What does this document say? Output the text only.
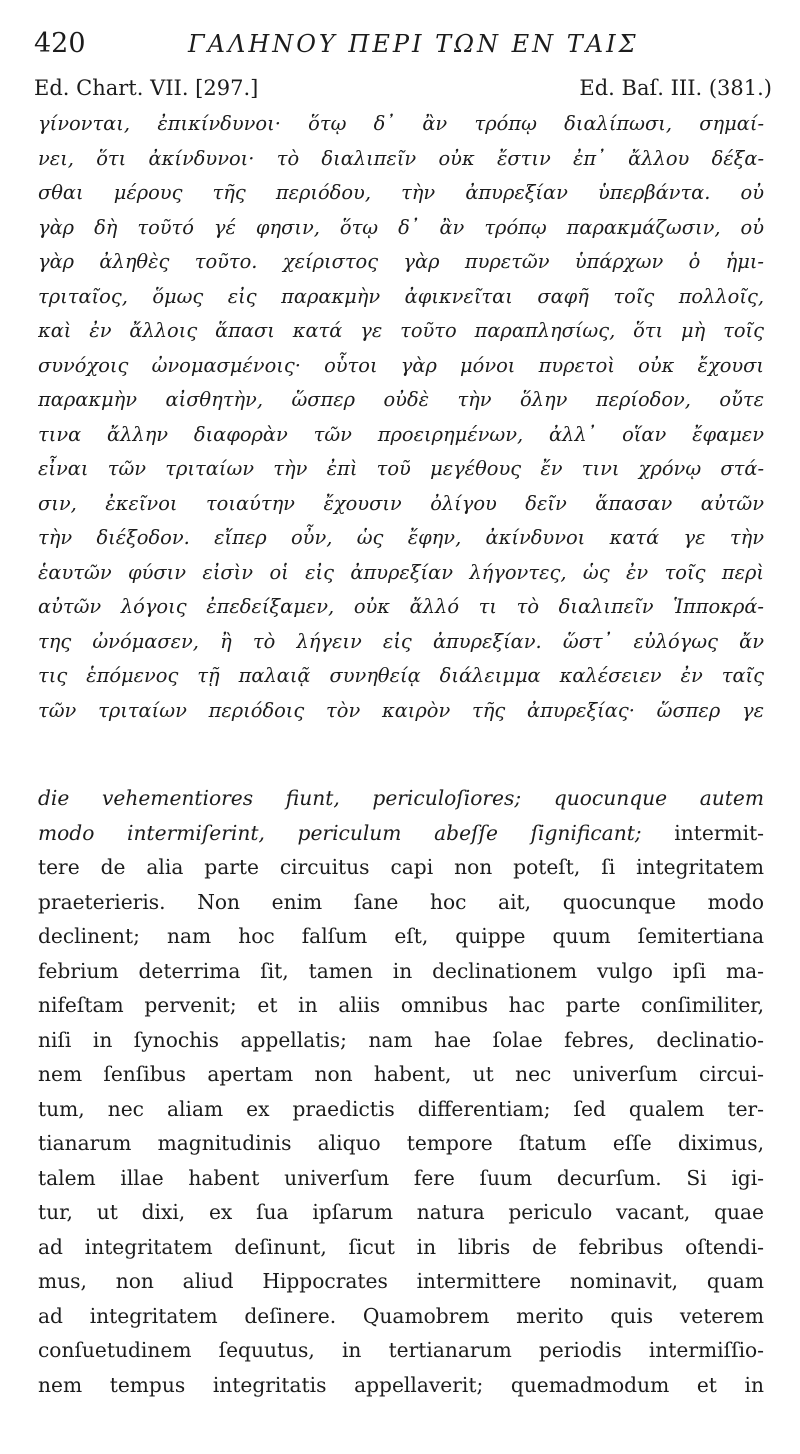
420	ΓΑΛΗΝΟΥ ΠΕΡΙ ΤΩΝ ΕΝ ΤΑΙΣ
Ed. Chart. VII. [297.]	Ed. Baſ. III. (381.)
γίνονται, ἐπικίνδυνοι· ὅτῳ δ᾽ ἂν τρόπῳ διαλίπωσι, σημαί-
νει, ὅτι ἀκίνδυνοι· τὸ διαλιπεῖν οὐκ ἔστιν ἐπ᾽ ἄλλου δέξα-
σθαι μέρους τῆς περιόδου, τὴν ἀπυρεξίαν ὑπερβάντα. οὐ
γὰρ δὴ τοῦτό γέ φησιν, ὅτῳ δ᾽ ἂν τρόπῳ παρακμάζωσιν, οὐ
γὰρ ἀληθὲς τοῦτο. χείριστος γὰρ πυρετῶν ὑπάρχων ὁ ἡμι-
τριταῖος, ὅμως εἰς παρακμὴν ἀφικνεῖται σαφῆ τοῖς πολλοῖς,
καὶ ἐν ἄλλοις ἅπασι κατά γε τοῦτο παραπλησίως, ὅτι μὴ τοῖς
συνόχοις ὠνομασμένοις· οὗτοι γὰρ μόνοι πυρετοὶ οὐκ ἔχουσι
παρακμὴν αἰσθητὴν, ὥσπερ οὐδὲ τὴν ὅλην περίοδον, οὔτε
τινα ἄλλην διαφορὰν τῶν προειρημένων, ἀλλ᾽ οἵαν ἔφαμεν
εἶναι τῶν τριταίων τὴν ἐπὶ τοῦ μεγέθους ἔν τινι χρόνῳ στά-
σιν, ἐκεῖνοι τοιαύτην ἔχουσιν ὀλίγου δεῖν ἅπασαν αὐτῶν
τὴν διέξοδον. εἴπερ οὖν, ὡς ἔφην, ἀκίνδυνοι κατά γε τὴν
ἑαυτῶν φύσιν εἰσὶν οἱ εἰς ἀπυρεξίαν λήγοντες, ὡς ἐν τοῖς περὶ
αὐτῶν λόγοις ἐπεδείξαμεν, οὐκ ἄλλό τι τὸ διαλιπεῖν Ἱπποκρά-
της ὠνόμασεν, ἢ τὸ λήγειν εἰς ἀπυρεξίαν. ὥστ᾽ εὐλόγως ἄν
τις ἑπόμενος τῇ παλαιᾷ συνηθείᾳ διάλειμμα καλέσειεν ἐν ταῖς
τῶν τριταίων περιόδοις τὸν καιρὸν τῆς ἀπυρεξίας· ὥσπερ γε
die vehementiores fiunt, periculoſiores; quocunque autem
modo intermiſerint, periculum abeſſe ſignificant; intermit-
tere de alia parte circuitus capi non poteſt, ſi integritatem
praeterieris. Non enim ſane hoc ait, quocunque modo
declinent; nam hoc falſum eſt, quippe quum ſemitertiana
febrium deterrima ſit, tamen in declinationem vulgo ipſi ma-
nifeſtam pervenit; et in aliis omnibus hac parte conſimiliter,
niſi in ſynochis appellatis; nam hae ſolae febres, declinatio-
nem ſenſibus apertam non habent, ut nec univerſum circui-
tum, nec aliam ex praedictis differentiam; ſed qualem ter-
tianarum magnitudinis aliquo tempore ſtatum eſſe diximus,
talem illae habent univerſum fere ſuum decurſum. Si igi-
tur, ut dixi, ex ſua ipſarum natura periculo vacant, quae
ad integritatem deſinunt, ſicut in libris de febribus oſtendi-
mus, non aliud Hippocrates intermittere nominavit, quam
ad integritatem deſinere. Quamobrem merito quis veterem
conſuetudinem ſequutus, in tertianarum periodis intermiſſio-
nem tempus integritatis appellaverit; quemadmodum et in
